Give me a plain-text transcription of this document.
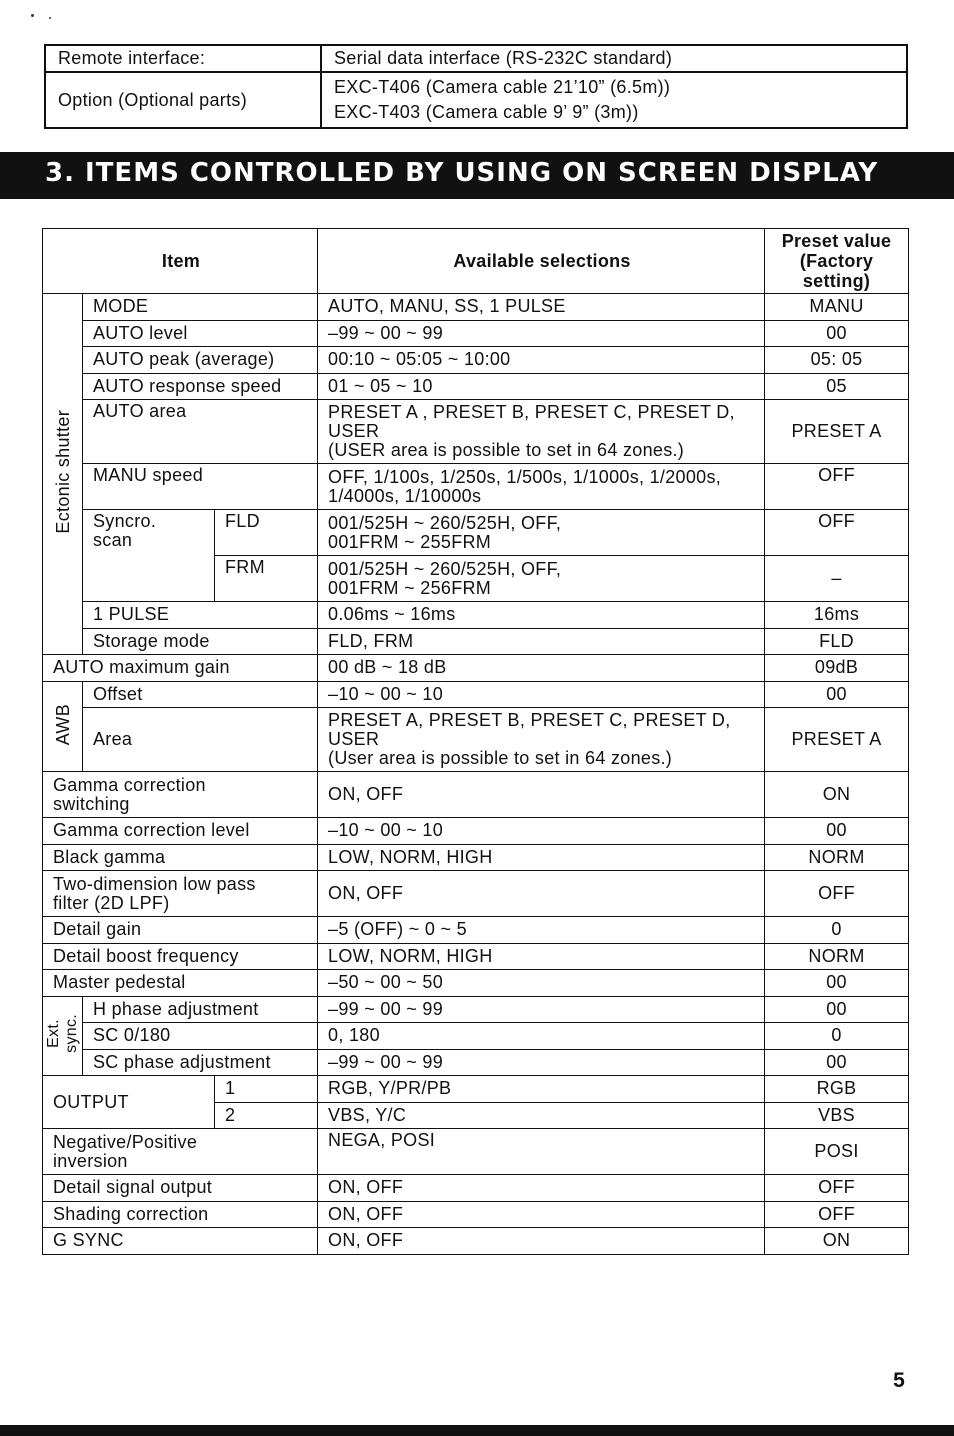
Remote interface:	Serial data interface (RS-232C standard)
Option (Optional parts)	EXC-T406 (Camera cable 21’10” (6.5m))
EXC-T403 (Camera cable 9’ 9” (3m))
3. ITEMS CONTROLLED BY USING ON SCREEN DISPLAY
Item			Available selections	Preset value
(Factory
setting)
Ectonic shutter	MODE		AUTO, MANU, SS, 1 PULSE	MANU
	AUTO level		–99 ~ 00 ~ 99	00
	AUTO peak (average)		00:10 ~ 05:05 ~ 10:00	05: 05
	AUTO response speed		01 ~ 05 ~ 10	05
	AUTO area		PRESET A , PRESET B, PRESET C, PRESET D,
USER
(USER area is possible to set in 64 zones.)	PRESET A
	MANU speed		OFF, 1/100s, 1/250s, 1/500s, 1/1000s, 1/2000s,
1/4000s, 1/10000s	OFF
	Syncro.
scan	FLD	001/525H ~ 260/525H, OFF,
001FRM ~ 255FRM	OFF
		FRM	001/525H ~ 260/525H, OFF,
001FRM ~ 256FRM	–
	1 PULSE		0.06ms ~ 16ms	16ms
	Storage mode		FLD, FRM	FLD

AUTO maximum gain			00 dB ~ 18 dB	09dB
AWB	Offset		–10 ~ 00 ~ 10	00
	Area		PRESET A, PRESET B, PRESET C, PRESET D,
USER
(User area is possible to set in 64 zones.)	PRESET A
Gamma correction
switching			ON, OFF	ON
Gamma correction level			–10 ~ 00 ~ 10	00
Black gamma			LOW, NORM, HIGH	NORM
Two-dimension low pass
filter (2D LPF)			ON, OFF	OFF
Detail gain			–5 (OFF) ~ 0 ~ 5	0
Detail boost frequency			LOW, NORM, HIGH	NORM
Master pedestal			–50 ~ 00 ~ 50	00
Ext.
sync.	H phase adjustment		–99 ~ 00 ~ 99	00
	SC 0/180		0, 180	0
	SC phase adjustment		–99 ~ 00 ~ 99	00
OUTPUT		1	RGB, Y/PR/PB	RGB
		2	VBS, Y/C	VBS
Negative/Positive
inversion			NEGA, POSI	POSI
Detail signal output			ON, OFF	OFF
Shading correction			ON, OFF	OFF
G SYNC			ON, OFF	ON
5
